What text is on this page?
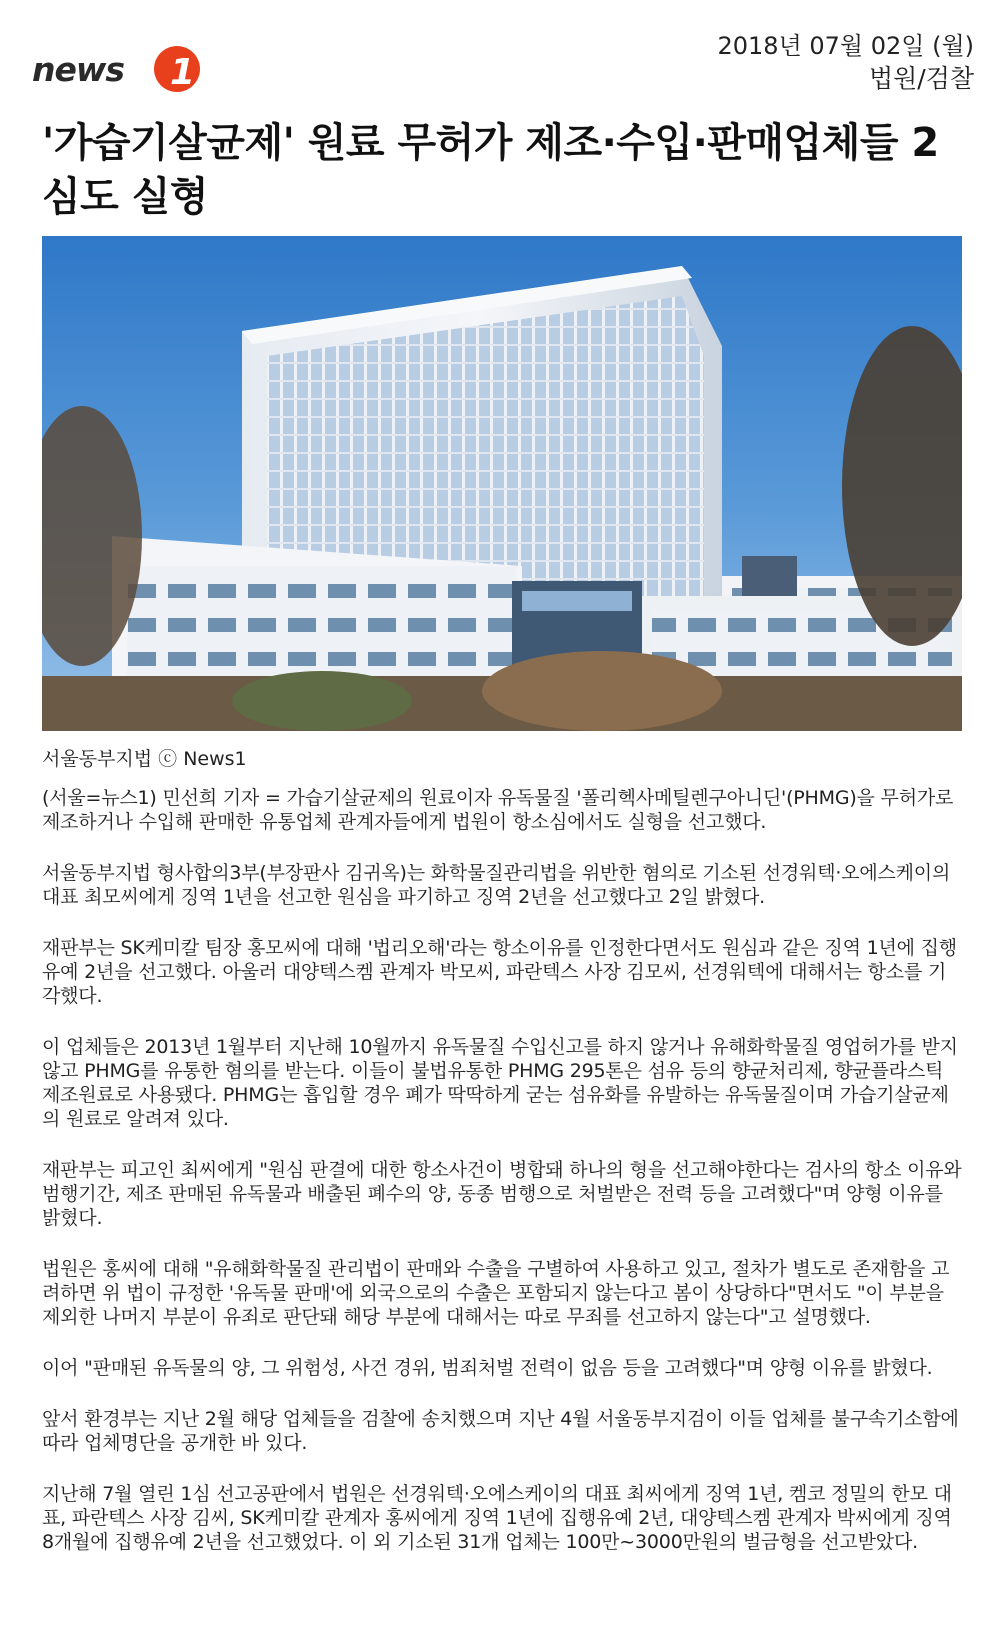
news 1
2018년 07월 02일 (월)
법원/검찰
'가습기살균제' 원료 무허가 제조·수입·판매업체들 2심도 실형
서울동부지법 ⓒ News1

(서울=뉴스1) 민선희 기자 = 가습기살균제의 원료이자 유독물질 '폴리헥사메틸렌구아니딘'(PHMG)을 무허가로 제조하거나 수입해 판매한 유통업체 관계자들에게 법원이 항소심에서도 실형을 선고했다.

서울동부지법 형사합의3부(부장판사 김귀옥)는 화학물질관리법을 위반한 혐의로 기소된 선경워텍·오에스케이의 대표 최모씨에게 징역 1년을 선고한 원심을 파기하고 징역 2년을 선고했다고 2일 밝혔다.

재판부는 SK케미칼 팀장 홍모씨에 대해 '법리오해'라는 항소이유를 인정한다면서도 원심과 같은 징역 1년에 집행유예 2년을 선고했다. 아울러 대양텍스켐 관계자 박모씨, 파란텍스 사장 김모씨, 선경워텍에 대해서는 항소를 기각했다.

이 업체들은 2013년 1월부터 지난해 10월까지 유독물질 수입신고를 하지 않거나 유해화학물질 영업허가를 받지 않고 PHMG를 유통한 혐의를 받는다. 이들이 불법유통한 PHMG 295톤은 섬유 등의 향균처리제, 향균플라스틱 제조원료로 사용됐다. PHMG는 흡입할 경우 폐가 딱딱하게 굳는 섬유화를 유발하는 유독물질이며 가습기살균제의 원료로 알려져 있다.

재판부는 피고인 최씨에게 "원심 판결에 대한 항소사건이 병합돼 하나의 형을 선고해야한다는 검사의 항소 이유와 범행기간, 제조 판매된 유독물과 배출된 폐수의 양, 동종 범행으로 처벌받은 전력 등을 고려했다"며 양형 이유를 밝혔다.

법원은 홍씨에 대해 "유해화학물질 관리법이 판매와 수출을 구별하여 사용하고 있고, 절차가 별도로 존재함을 고려하면 위 법이 규정한 '유독물 판매'에 외국으로의 수출은 포함되지 않는다고 봄이 상당하다"면서도 "이 부분을 제외한 나머지 부분이 유죄로 판단돼 해당 부분에 대해서는 따로 무죄를 선고하지 않는다"고 설명했다.

이어 "판매된 유독물의 양, 그 위험성, 사건 경위, 범죄처벌 전력이 없음 등을 고려했다"며 양형 이유를 밝혔다.

앞서 환경부는 지난 2월 해당 업체들을 검찰에 송치했으며 지난 4월 서울동부지검이 이들 업체를 불구속기소함에 따라 업체명단을 공개한 바 있다.

지난해 7월 열린 1심 선고공판에서 법원은 선경워텍·오에스케이의 대표 최씨에게 징역 1년, 켐코 정밀의 한모 대표, 파란텍스 사장 김씨, SK케미칼 관계자 홍씨에게 징역 1년에 집행유예 2년, 대양텍스켐 관계자 박씨에게 징역 8개월에 집행유예 2년을 선고했었다. 이 외 기소된 31개 업체는 100만~3000만원의 벌금형을 선고받았다.
